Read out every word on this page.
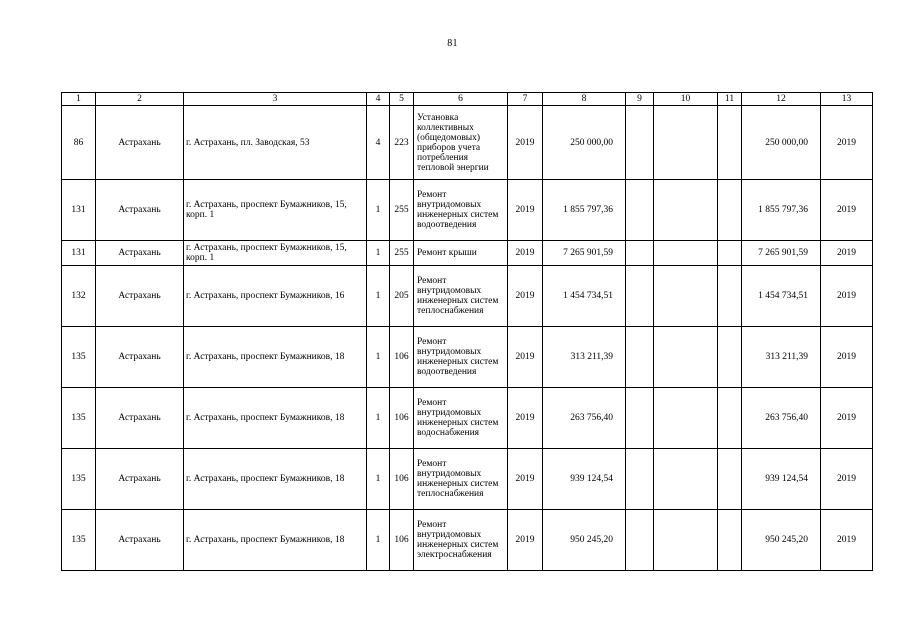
81
1	2	3	4	5	6	7	8	9	10	11	12	13
86	Астрахань	г. Астрахань, пл. Заводская, 53	4	223	Установка коллективных (общедомовых) приборов учета потребления тепловой энергии	2019	250 000,00				250 000,00	2019
131	Астрахань	г. Астрахань, проспект Бумажников, 15, корп. 1	1	255	Ремонт внутридомовых инженерных систем водоотведения	2019	1 855 797,36				1 855 797,36	2019
131	Астрахань	г. Астрахань, проспект Бумажников, 15, корп. 1	1	255	Ремонт крыши	2019	7 265 901,59				7 265 901,59	2019
132	Астрахань	г. Астрахань, проспект Бумажников, 16	1	205	Ремонт внутридомовых инженерных систем теплоснабжения	2019	1 454 734,51				1 454 734,51	2019
135	Астрахань	г. Астрахань, проспект Бумажников, 18	1	106	Ремонт внутридомовых инженерных систем водоотведения	2019	313 211,39				313 211,39	2019
135	Астрахань	г. Астрахань, проспект Бумажников, 18	1	106	Ремонт внутридомовых инженерных систем водоснабжения	2019	263 756,40				263 756,40	2019
135	Астрахань	г. Астрахань, проспект Бумажников, 18	1	106	Ремонт внутридомовых инженерных систем теплоснабжения	2019	939 124,54				939 124,54	2019
135	Астрахань	г. Астрахань, проспект Бумажников, 18	1	106	Ремонт внутридомовых инженерных систем электроснабжения	2019	950 245,20				950 245,20	2019
